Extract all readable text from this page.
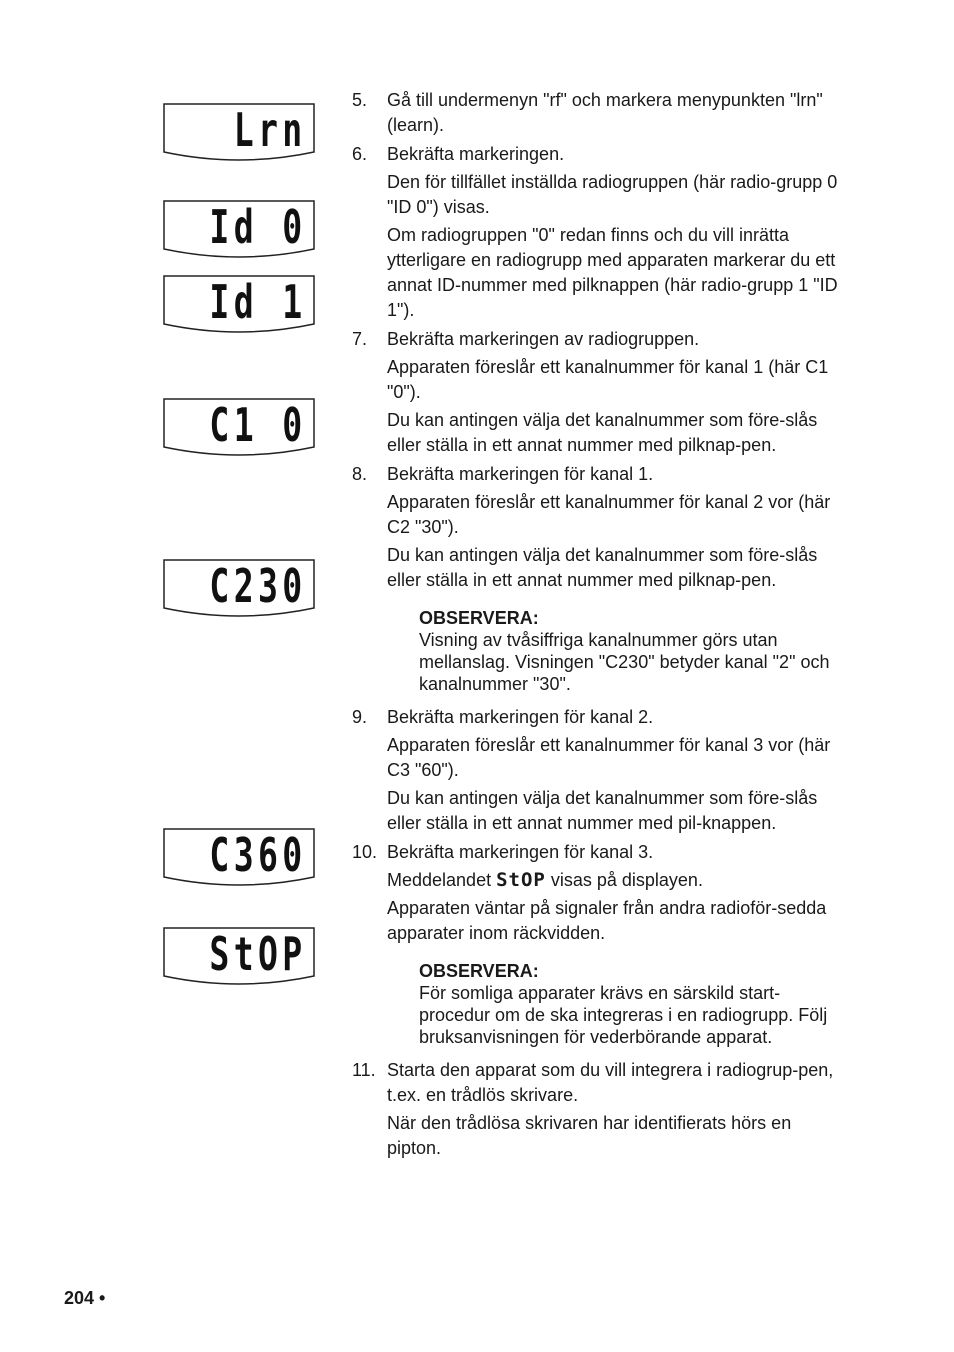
Lrn
Id 0
Id 1
C1 0
C230
C360
StOP
5. Gå till undermenyn "rf" och markera menypunkten "lrn" (learn).

6. Bekräfta markeringen.

Den för tillfället inställda radiogruppen (här radio-grupp 0 "ID 0") visas.

Om radiogruppen "0" redan finns och du vill inrätta ytterligare en radiogrupp med apparaten markerar du ett annat ID-nummer med pilknappen (här radio-grupp 1 "ID 1").

7. Bekräfta markeringen av radiogruppen.

Apparaten föreslår ett kanalnummer för kanal 1 (här C1 "0").

Du kan antingen välja det kanalnummer som före-slås eller ställa in ett annat nummer med pilknap-pen.

8. Bekräfta markeringen för kanal 1.

Apparaten föreslår ett kanalnummer för kanal 2 vor (här C2 "30").

Du kan antingen välja det kanalnummer som före-slås eller ställa in ett annat nummer med pilknap-pen.

OBSERVERA:
Visning av tvåsiffriga kanalnummer görs utan mellanslag. Visningen "C230" betyder kanal "2" och kanalnummer "30".
9. Bekräfta markeringen för kanal 2.

Apparaten föreslår ett kanalnummer för kanal 3 vor (här C3 "60").

Du kan antingen välja det kanalnummer som före-slås eller ställa in ett annat nummer med pil-knappen.

10. Bekräfta markeringen för kanal 3.

Meddelandet StOP visas på displayen.

Apparaten väntar på signaler från andra radioför-sedda apparater inom räckvidden.

OBSERVERA:
För somliga apparater krävs en särskild start-procedur om de ska integreras i en radiogrupp. Följ bruksanvisningen för vederbörande apparat.
11. Starta den apparat som du vill integrera i radiogrup-pen, t.ex. en trådlös skrivare.

När den trådlösa skrivaren har identifierats hörs en pipton.

204 •
